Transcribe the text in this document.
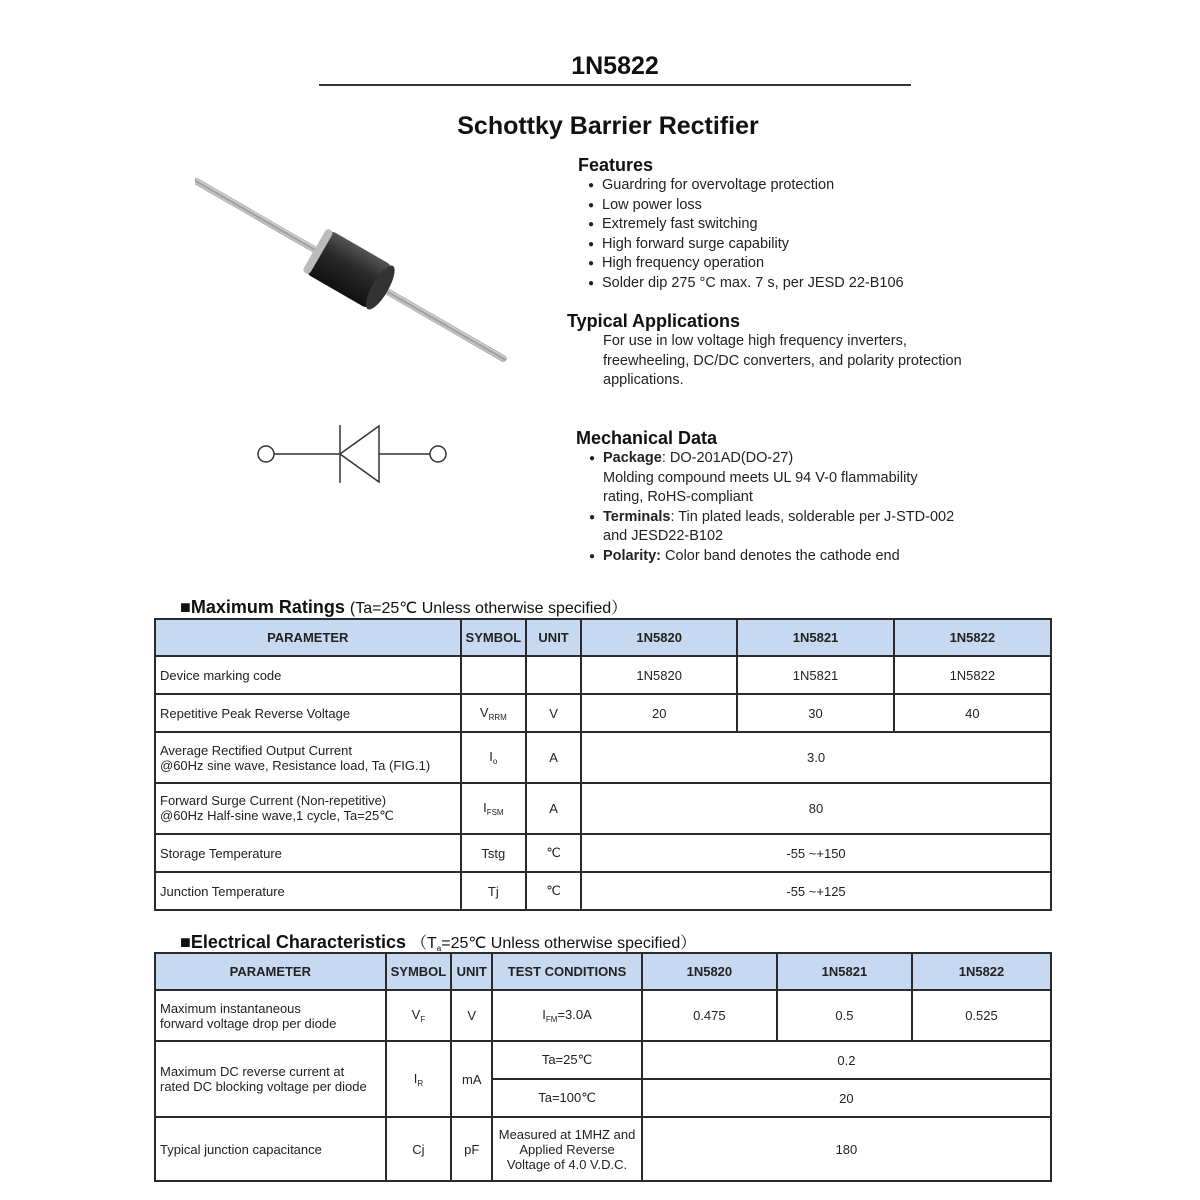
1N5822
Schottky Barrier Rectifier
Features
● Guardring for overvoltage protection
● Low power loss
● Extremely fast switching
● High forward surge capability
● High frequency operation
● Solder dip 275 °C max. 7 s, per JESD 22-B106
Typical Applications
For use in low voltage high frequency inverters, freewheeling, DC/DC converters, and polarity protection applications.
Mechanical Data
● Package: DO-201AD(DO-27)
Molding compound meets UL 94 V-0 flammability rating, RoHS-compliant
● Terminals: Tin plated leads, solderable per J-STD-002 and JESD22-B102
● Polarity: Color band denotes the cathode end
■Maximum Ratings (Ta=25℃ Unless otherwise specified）
PARAMETER	SYMBOL	UNIT	1N5820	1N5821	1N5822
Device marking code			1N5820	1N5821	1N5822
Repetitive Peak Reverse Voltage	$V_{RRM}$	V	20	30	40
Average Rectified Output Current
@60Hz sine wave, Resistance load, Ta (FIG.1)	$I_o$	A	3.0		
Forward Surge Current (Non-repetitive)
@60Hz Half-sine wave,1 cycle, Ta=25℃	$I_{FSM}$	A	80		
Storage Temperature	Tstg	℃	-55 ~+150		
Junction Temperature	Tj	℃	-55 ~+125		
■Electrical Characteristics （Ta=25℃ Unless otherwise specified）
PARAMETER	SYMBOL	UNIT	TEST CONDITIONS	1N5820	1N5821	1N5822
Maximum instantaneous
forward voltage drop per diode	$V_F$	V	$I_{FM}=3.0A$	0.475	0.5	0.525
Maximum DC reverse current at
rated DC blocking voltage per diode	$I_R$	mA	Ta=25℃	0.2		
			Ta=100℃	20		
Typical junction capacitance	Cj	pF	Measured at 1MHZ and Applied Reverse Voltage of 4.0 V.D.C.	180		
